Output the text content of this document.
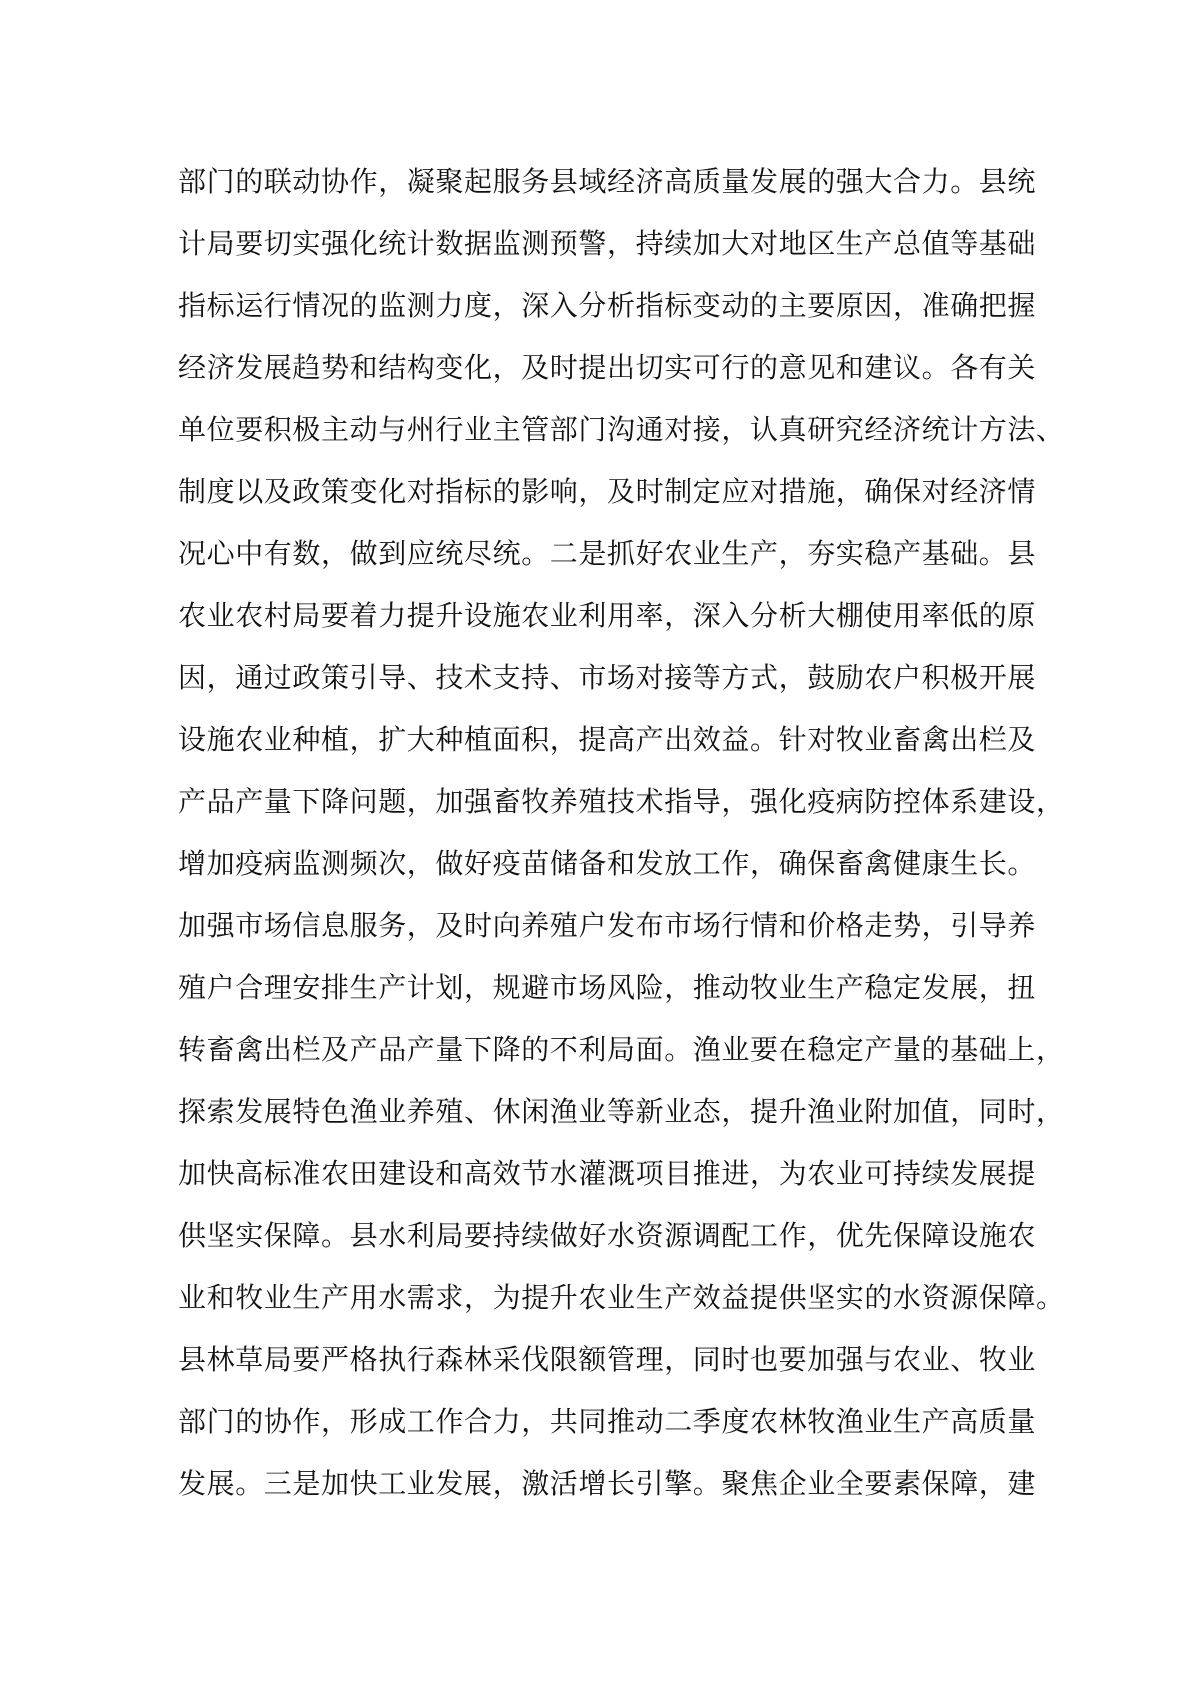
部门的联动协作，凝聚起服务县域经济高质量发展的强大合力。县统
计局要切实强化统计数据监测预警，持续加大对地区生产总值等基础
指标运行情况的监测力度，深入分析指标变动的主要原因，准确把握
经济发展趋势和结构变化，及时提出切实可行的意见和建议。各有关
单位要积极主动与州行业主管部门沟通对接，认真研究经济统计方法、
制度以及政策变化对指标的影响，及时制定应对措施，确保对经济情
况心中有数，做到应统尽统。二是抓好农业生产，夯实稳产基础。县
农业农村局要着力提升设施农业利用率，深入分析大棚使用率低的原
因，通过政策引导、技术支持、市场对接等方式，鼓励农户积极开展
设施农业种植，扩大种植面积，提高产出效益。针对牧业畜禽出栏及
产品产量下降问题，加强畜牧养殖技术指导，强化疫病防控体系建设，
增加疫病监测频次，做好疫苗储备和发放工作，确保畜禽健康生长。
加强市场信息服务，及时向养殖户发布市场行情和价格走势，引导养
殖户合理安排生产计划，规避市场风险，推动牧业生产稳定发展，扭
转畜禽出栏及产品产量下降的不利局面。渔业要在稳定产量的基础上，
探索发展特色渔业养殖、休闲渔业等新业态，提升渔业附加值，同时，
加快高标准农田建设和高效节水灌溉项目推进，为农业可持续发展提
供坚实保障。县水利局要持续做好水资源调配工作，优先保障设施农
业和牧业生产用水需求，为提升农业生产效益提供坚实的水资源保障。
县林草局要严格执行森林采伐限额管理，同时也要加强与农业、牧业
部门的协作，形成工作合力，共同推动二季度农林牧渔业生产高质量
发展。三是加快工业发展，激活增长引擎。聚焦企业全要素保障，建
